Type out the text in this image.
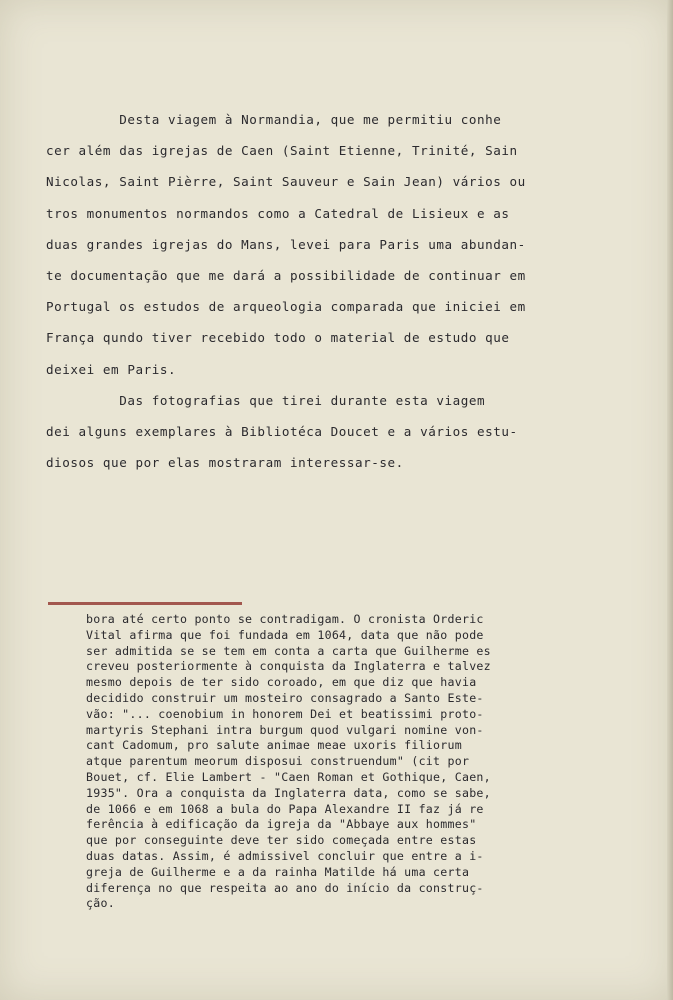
Desta viagem à Normandia, que me permitiu conhe
cer além das igrejas de Caen (Saint Etienne, Trinité, Sain
Nicolas, Saint Pièrre, Saint Sauveur e Sain Jean) vários ou
tros monumentos normandos como a Catedral de Lisieux e as
duas grandes igrejas do Mans, levei para Paris uma abundan-
te documentação que me dará a possibilidade de continuar em
Portugal os estudos de arqueologia comparada que iniciei em
França qundo tiver recebido todo o material de estudo que
deixei em Paris.
Das fotografias que tirei durante esta viagem
dei alguns exemplares à Bibliotéca Doucet e a vários estu-
diosos que por elas mostraram interessar-se.
bora até certo ponto se contradigam. O cronista Orderic
Vital afirma que foi fundada em 1064, data que não pode
ser admitida se se tem em conta a carta que Guilherme es
creveu posteriormente à conquista da Inglaterra e talvez
mesmo depois de ter sido coroado, em que diz que havia
decidido construir um mosteiro consagrado a Santo Este-
vão: "... coenobium in honorem Dei et beatissimi proto-
martyris Stephani intra burgum quod vulgari nomine von-
cant Cadomum, pro salute animae meae uxoris filiorum
atque parentum meorum disposui construendum" (cit por
Bouet, cf. Elie Lambert - "Caen Roman et Gothique, Caen,
1935". Ora a conquista da Inglaterra data, como se sabe,
de 1066 e em 1068 a bula do Papa Alexandre II faz já re
ferência à edificação da igreja da "Abbaye aux hommes"
que por conseguinte deve ter sido começada entre estas
duas datas. Assim, é admissivel concluir que entre a i-
greja de Guilherme e a da rainha Matilde há uma certa
diferença no que respeita ao ano do início da construç-
ção.
